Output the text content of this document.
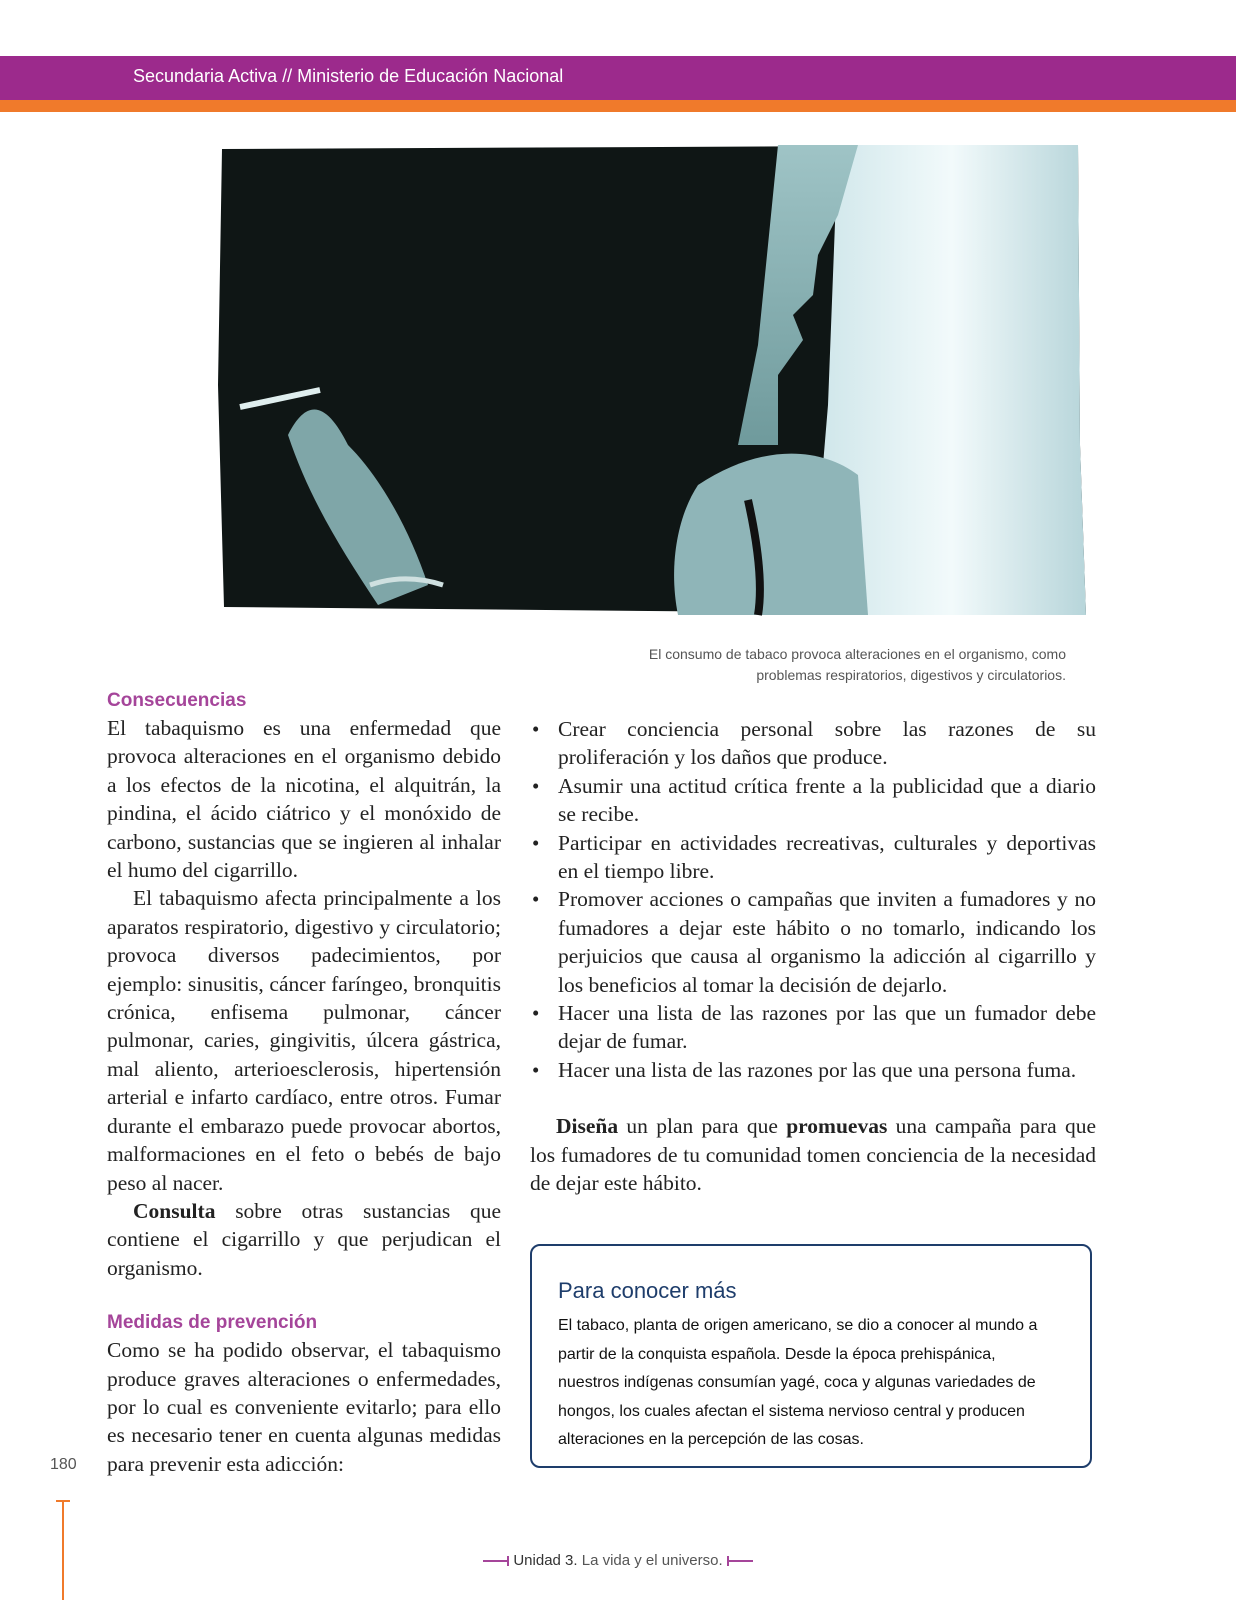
Secundaria Activa // Ministerio de Educación Nacional
El consumo de tabaco provoca alteraciones en el organismo, como
problemas respiratorios, digestivos y circulatorios.
Consecuencias

El tabaquismo es una enfermedad que provoca alteraciones en el organismo debido a los efectos de la nicotina, el alquitrán, la pindina, el ácido ciátrico y el monóxido de carbono, sustancias que se ingieren al inhalar el humo del cigarrillo.

El tabaquismo afecta principalmente a los aparatos respiratorio, digestivo y circulatorio; provoca diversos padecimientos, por ejemplo: sinusitis, cáncer faríngeo, bronquitis crónica, enfisema pulmonar, cáncer pulmonar, caries, gingivitis, úlcera gástrica, mal aliento, arterioesclerosis, hipertensión arterial e infarto cardíaco, entre otros. Fumar durante el embarazo puede provocar abortos, malformaciones en el feto o bebés de bajo peso al nacer.

Consulta sobre otras sustancias que contiene el cigarrillo y que perjudican el organismo.

Medidas de prevención

Como se ha podido observar, el tabaquismo produce graves alteraciones o enfermedades, por lo cual es conveniente evitarlo; para ello es necesario tener en cuenta algunas medidas para prevenir esta adicción:

• Crear conciencia personal sobre las razones de su proliferación y los daños que produce.
• Asumir una actitud crítica frente a la publicidad que a diario se recibe.
• Participar en actividades recreativas, culturales y deportivas en el tiempo libre.
• Promover acciones o campañas que inviten a fumadores y no fumadores a dejar este hábito o no tomarlo, indicando los perjuicios que causa al organismo la adicción al cigarrillo y los beneficios al tomar la decisión de dejarlo.
• Hacer una lista de las razones por las que un fumador debe dejar de fumar.
• Hacer una lista de las razones por las que una persona fuma.

Diseña un plan para que promuevas una campaña para que los fumadores de tu comunidad tomen conciencia de la necesidad de dejar este hábito.

Para conocer más
El tabaco, planta de origen americano, se dio a conocer al mundo a partir de la conquista española. Desde la época prehispánica, nuestros indígenas consumían yagé, coca y algunas variedades de hongos, los cuales afectan el sistema nervioso central y producen alteraciones en la percepción de las cosas.
180
Unidad 3. La vida y el universo.
